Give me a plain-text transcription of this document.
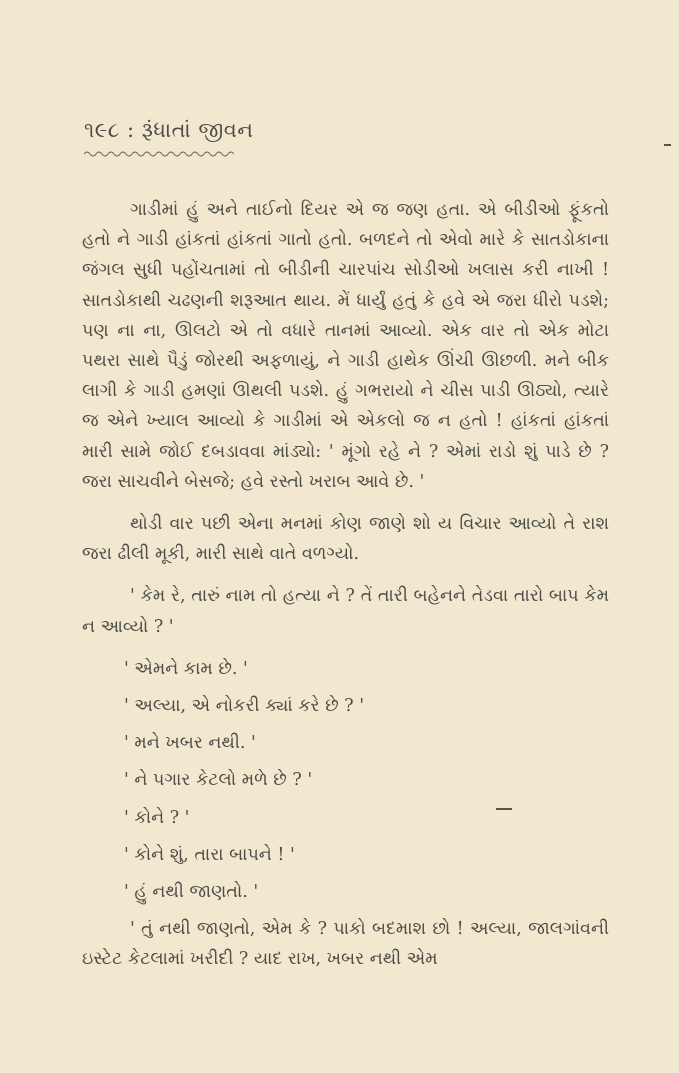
૧૯૮ : રૂંધાતાં જીવન

ગાડીમાં હું અને તાઈનો દિયર એ જ જણ હતા. એ બીડીઓ ફૂંકતો હતો ને ગાડી હાંકતાં હાંકતાં ગાતો હતો. બળદને તો એવો મારે કે સાતડોકાના જંગલ સુધી પહોંચતામાં તો બીડીની ચારપાંચ સોડીઓ ખલાસ કરી નાખી ! સાતડોકાથી ચઢણની શરૂઆત થાય. મેં ધાર્યું હતું કે હવે એ જરા ધીરો પડશે; પણ ના ના, ઊલટો એ તો વધારે તાનમાં આવ્યો. એક વાર તો એક મોટા પથરા સાથે પૈડું જોરથી અફળાયું, ને ગાડી હાથેક ઊંચી ઊછળી. મને બીક લાગી કે ગાડી હમણાં ઊથલી પડશે. હું ગભરાયો ને ચીસ પાડી ઊઠ્યો, ત્યારે જ એને ખ્યાલ આવ્યો કે ગાડીમાં એ એકલો જ ન હતો ! હાંકતાં હાંકતાં મારી સામે જોઈ દબડાવવા માંડ્યો: ' મૂંગો રહે ને ? એમાં રાડો શું પાડે છે ? જરા સાચવીને બેસજે; હવે રસ્તો ખરાબ આવે છે. '

થોડી વાર પછી એના મનમાં કોણ જાણે શો ય વિચાર આવ્યો તે રાશ જરા ઢીલી મૂકી, મારી સાથે વાતે વળગ્યો.

' કેમ રે, તારું નામ તો હત્યા ને ? તેં તારી બહેનને તેડવા તારો બાપ કેમ ન આવ્યો ? '

' એમને કામ છે. '

' અલ્યા, એ નોકરી ક્યાં કરે છે ? '

' મને ખબર નથી. '

' ને પગાર કેટલો મળે છે ? '

' કોને ? '

' કોને શું, તારા બાપને ! '

' હું નથી જાણતો. '

' તું નથી જાણતો, એમ કે ? પાકો બદમાશ છો ! અલ્યા, જાલગાંવની ઇસ્ટેટ કેટલામાં ખરીદી ? યાદ રાખ, ખબર નથી એમ
